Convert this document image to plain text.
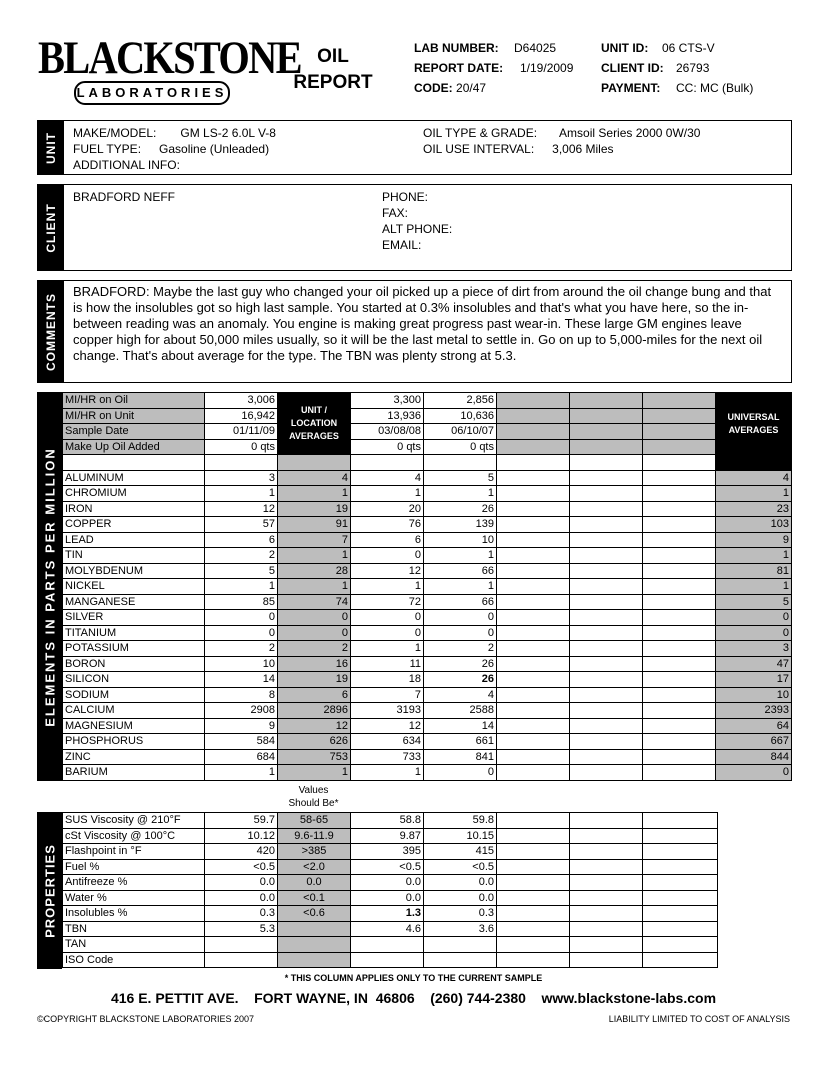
BLACKSTONE
LABORATORIES
OIL
REPORT
LAB NUMBER:
REPORT DATE:
CODE: 20/47
D64025
1/19/2009
UNIT ID:
CLIENT ID:
PAYMENT:
06 CTS-V
26793
CC: MC (Bulk)
UNIT MAKE/MODEL: GM LS-2 6.0L V-8
FUEL TYPE: Gasoline (Unleaded)
ADDITIONAL INFO:
OIL TYPE & GRADE: Amsoil Series 2000 0W/30
OIL USE INTERVAL: 3,006 Miles
CLIENT
BRADFORD NEFF	PHONE:
FAX:
ALT PHONE:
EMAIL:
COMMENTS
BRADFORD: Maybe the last guy who changed your oil picked up a piece of dirt from around the oil change bung and that is how the insolubles got so high last sample. You started at 0.3% insolubles and that's what you have here, so the in-between reading was an anomaly. You engine is making great progress past wear-in. These large GM engines leave copper high for about 50,000 miles usually, so it will be the last metal to settle in. Go on up to 5,000-miles for the next oil change. That's about average for the type. The TBN was plenty strong at 5.3.
ELEMENTS IN PARTS PER MILLION
MI/HR on Oil	3,006	UNIT / LOCATION AVERAGES	3,300	2,856				UNIVERSAL AVERAGES
MI/HR on Unit	16,942		13,936	10,636				
Sample Date	01/11/09		03/08/08	06/10/07				
Make Up Oil Added	0 qts		0 qts	0 qts				

ALUMINUM	3	4	4	5				4
CHROMIUM	1	1	1	1				1
IRON	12	19	20	26				23
COPPER	57	91	76	139				103
LEAD	6	7	6	10				9
TIN	2	1	0	1				1
MOLYBDENUM	5	28	12	66				81
NICKEL	1	1	1	1				1
MANGANESE	85	74	72	66				5
SILVER	0	0	0	0				0
TITANIUM	0	0	0	0				0
POTASSIUM	2	2	1	2				3
BORON	10	16	11	26				47
SILICON	14	19	18	26				17
SODIUM	8	6	7	4				10
CALCIUM	2908	2896	3193	2588				2393
MAGNESIUM	9	12	12	14				64
PHOSPHORUS	584	626	634	661				667
ZINC	684	753	733	841				844
BARIUM	1	1	1	0				0
Values
Should Be*
PROPERTIES
SUS Viscosity @ 210°F	59.7	58-65	58.8	59.8			
cSt Viscosity @ 100°C	10.12	9.6-11.9	9.87	10.15			
Flashpoint in °F	420	>385	395	415			
Fuel %	<0.5	<2.0	<0.5	<0.5			
Antifreeze %	0.0	0.0	0.0	0.0			
Water %	0.0	<0.1	0.0	0.0			
Insolubles %	0.3	<0.6	1.3	0.3			
TBN	5.3		4.6	3.6			
TAN							
ISO Code							
* THIS COLUMN APPLIES ONLY TO THE CURRENT SAMPLE
416 E. PETTIT AVE.    FORT WAYNE, IN  46806    (260) 744-2380    www.blackstone-labs.com
©COPYRIGHT BLACKSTONE LABORATORIES 2007	LIABILITY LIMITED TO COST OF ANALYSIS
